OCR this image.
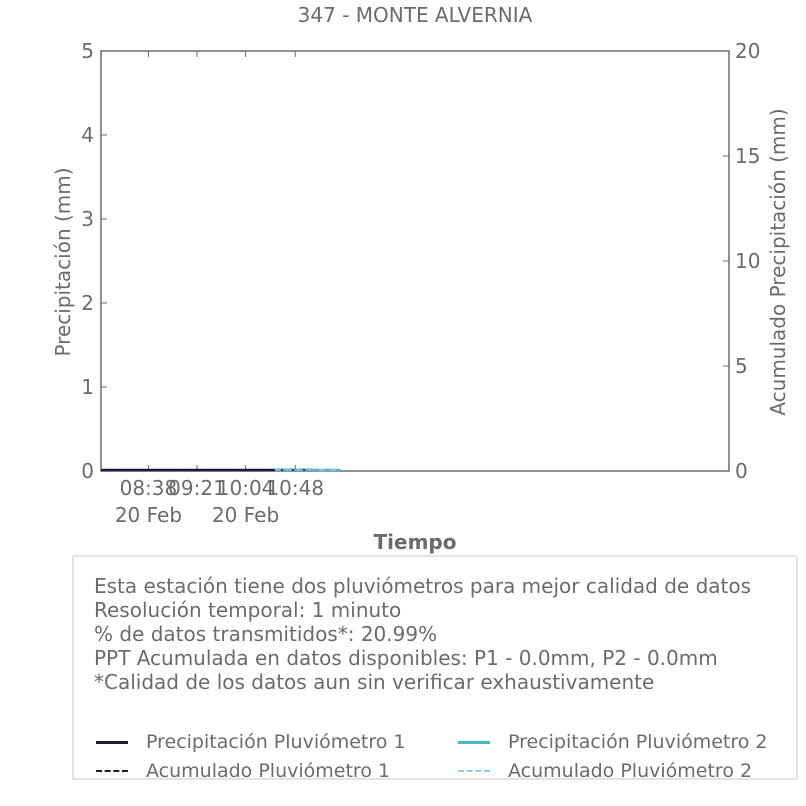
347 - MONTE ALVERNIA
0
1
2
3
4
5
0
5
10
15
20
08:38
20 Feb
09:21
10:04
20 Feb
10:48
Precipitación (mm)	Acumulado Precipitación (mm)
Tiempo
Esta estación tiene dos pluviómetros para mejor calidad de datos
Resolución temporal: 1 minuto
% de datos transmitidos*: 20.99%
PPT Acumulada en datos disponibles: P1 - 0.0mm, P2 - 0.0mm
*Calidad de los datos aun sin verificar exhaustivamente
Precipitación Pluviómetro 1	Precipitación Pluviómetro 2
Acumulado Pluviómetro 1	Acumulado Pluviómetro 2
